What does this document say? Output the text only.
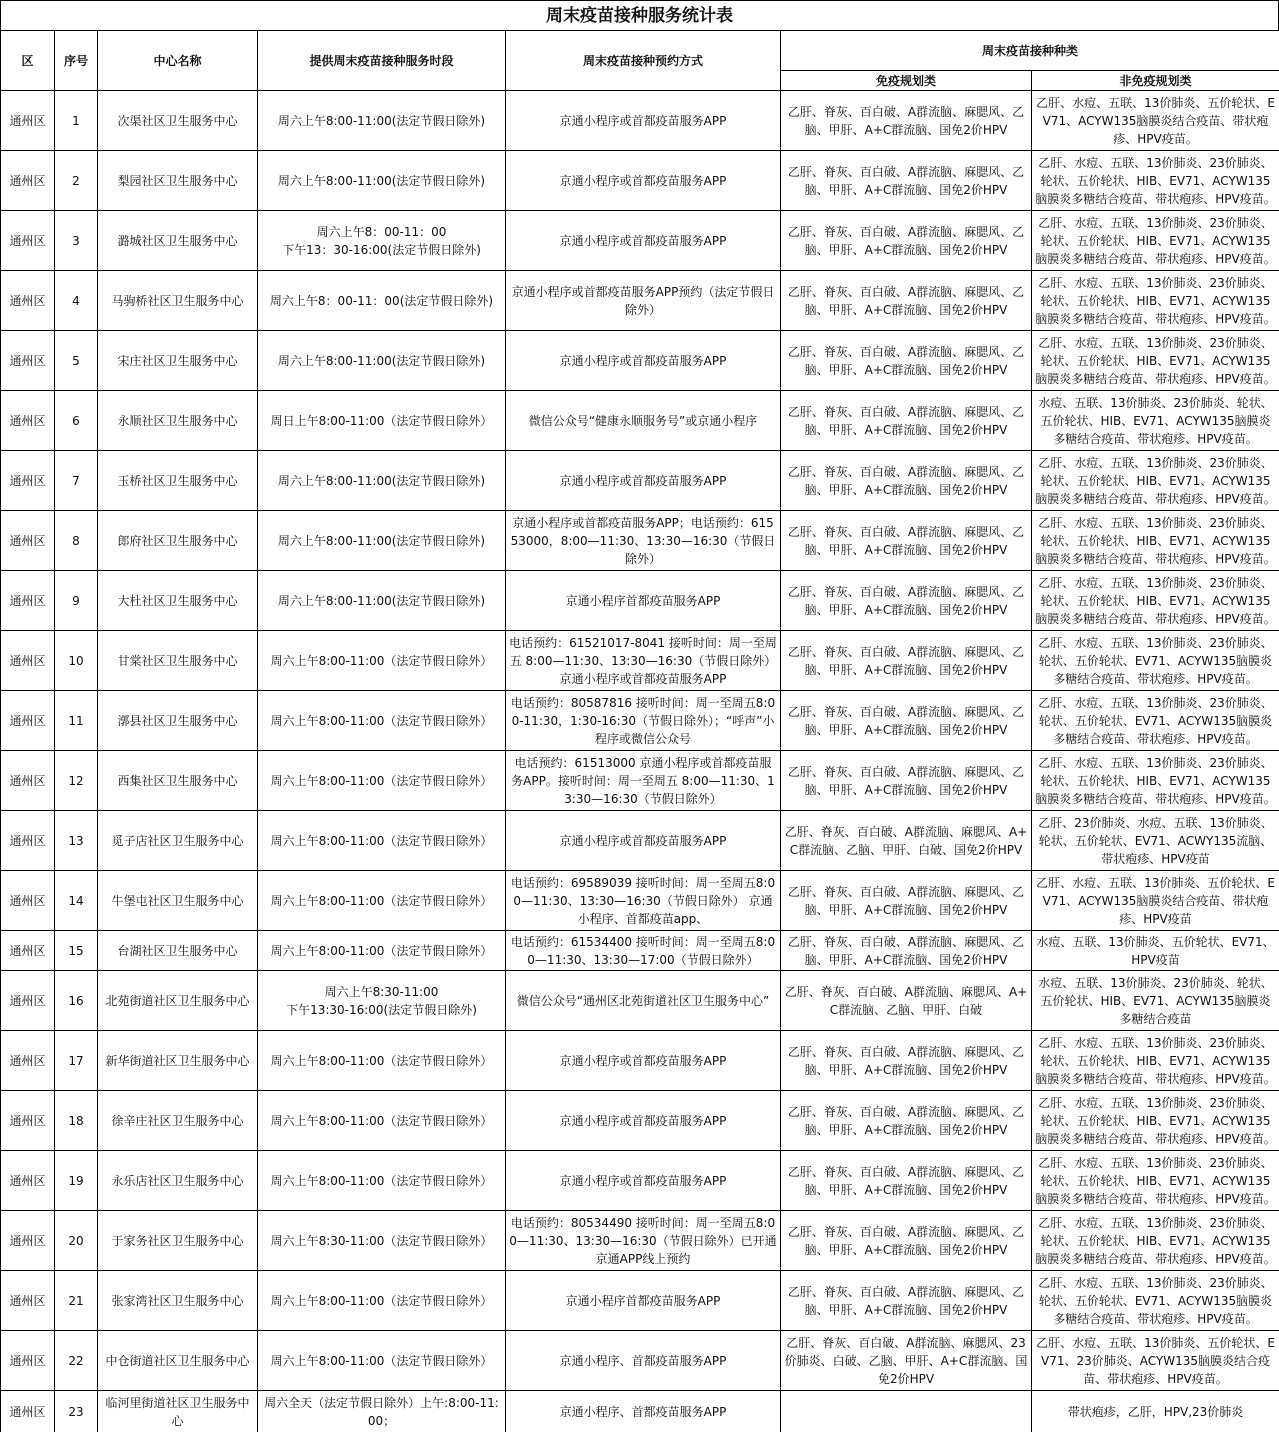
周末疫苗接种服务统计表
区	序号	中心名称	提供周末疫苗接种服务时段	周末疫苗接种预约方式	周末疫苗接种种类	
					免疫规划类	非免疫规划类
通州区	1	次渠社区卫生服务中心	周六上午8:00-11:00(法定节假日除外)	京通小程序或首都疫苗服务APP	乙肝、脊灰、百白破、A群流脑、麻腮风、乙脑、甲肝、A+C群流脑、国免2价HPV	乙肝、水痘、五联、13价肺炎、五价轮状、EV71、ACYW135脑膜炎结合疫苗、带状疱疹、HPV疫苗。
通州区	2	梨园社区卫生服务中心	周六上午8:00-11:00(法定节假日除外)	京通小程序或首都疫苗服务APP	乙肝、脊灰、百白破、A群流脑、麻腮风、乙脑、甲肝、A+C群流脑、国免2价HPV	乙肝、水痘、五联、13价肺炎、23价肺炎、轮状、五价轮状、HIB、EV71、ACYW135脑膜炎多糖结合疫苗、带状疱疹、HPV疫苗。
通州区	3	潞城社区卫生服务中心	周六上午8：00-11：00
下午13：30-16:00(法定节假日除外)	京通小程序或首都疫苗服务APP	乙肝、脊灰、百白破、A群流脑、麻腮风、乙脑、甲肝、A+C群流脑、国免2价HPV	乙肝、水痘、五联、13价肺炎、23价肺炎、轮状、五价轮状、HIB、EV71、ACYW135脑膜炎多糖结合疫苗、带状疱疹、HPV疫苗。
通州区	4	马驹桥社区卫生服务中心	周六上午8：00-11：00(法定节假日除外)	京通小程序或首都疫苗服务APP预约（法定节假日除外）	乙肝、脊灰、百白破、A群流脑、麻腮风、乙脑、甲肝、A+C群流脑、国免2价HPV	乙肝、水痘、五联、13价肺炎、23价肺炎、轮状、五价轮状、HIB、EV71、ACYW135脑膜炎多糖结合疫苗、带状疱疹、HPV疫苗。
通州区	5	宋庄社区卫生服务中心	周六上午8:00-11:00(法定节假日除外)	京通小程序或首都疫苗服务APP	乙肝、脊灰、百白破、A群流脑、麻腮风、乙脑、甲肝、A+C群流脑、国免2价HPV	乙肝、水痘、五联、13价肺炎、23价肺炎、轮状、五价轮状、HIB、EV71、ACYW135脑膜炎多糖结合疫苗、带状疱疹、HPV疫苗。
通州区	6	永顺社区卫生服务中心	周日上午8:00-11:00（法定节假日除外）	微信公众号“健康永顺服务号”或京通小程序	乙肝、脊灰、百白破、A群流脑、麻腮风、乙脑、甲肝、A+C群流脑、国免2价HPV	水痘、五联、13价肺炎、23价肺炎、轮状、五价轮状、HIB、EV71、ACYW135脑膜炎多糖结合疫苗、带状疱疹、HPV疫苗。
通州区	7	玉桥社区卫生服务中心	周六上午8:00-11:00(法定节假日除外)	京通小程序或首都疫苗服务APP	乙肝、脊灰、百白破、A群流脑、麻腮风、乙脑、甲肝、A+C群流脑、国免2价HPV	乙肝、水痘、五联、13价肺炎、23价肺炎、轮状、五价轮状、HIB、EV71、ACYW135脑膜炎多糖结合疫苗、带状疱疹、HPV疫苗。
通州区	8	郎府社区卫生服务中心	周六上午8:00-11:00(法定节假日除外)	京通小程序或首都疫苗服务APP；电话预约：61553000，8:00—11:30、13:30—16:30（节假日除外）	乙肝、脊灰、百白破、A群流脑、麻腮风、乙脑、甲肝、A+C群流脑、国免2价HPV	乙肝、水痘、五联、13价肺炎、23价肺炎、轮状、五价轮状、HIB、EV71、ACYW135脑膜炎多糖结合疫苗、带状疱疹、HPV疫苗。
通州区	9	大杜社区卫生服务中心	周六上午8:00-11:00(法定节假日除外)	京通小程序首都疫苗服务APP	乙肝、脊灰、百白破、A群流脑、麻腮风、乙脑、甲肝、A+C群流脑、国免2价HPV	乙肝、水痘、五联、13价肺炎、23价肺炎、轮状、五价轮状、HIB、EV71、ACYW135脑膜炎多糖结合疫苗、带状疱疹、HPV疫苗。
通州区	10	甘棠社区卫生服务中心	周六上午8:00-11:00（法定节假日除外）	电话预约：61521017-8041 接听时间：周一至周五 8:00—11:30、13:30—16:30（节假日除外）京通小程序或首都疫苗服务APP	乙肝、脊灰、百白破、A群流脑、麻腮风、乙脑、甲肝、A+C群流脑、国免2价HPV	乙肝、水痘、五联、13价肺炎、23价肺炎、轮状、五价轮状、EV71、ACYW135脑膜炎多糖结合疫苗、带状疱疹、HPV疫苗。
通州区	11	漷县社区卫生服务中心	周六上午8:00-11:00（法定节假日除外）	电话预约：80587816 接听时间：周一至周五8:00-11:30，1:30-16:30（节假日除外）；“呼声”小程序或微信公众号	乙肝、脊灰、百白破、A群流脑、麻腮风、乙脑、甲肝、A+C群流脑、国免2价HPV	乙肝、水痘、五联、13价肺炎、23价肺炎、轮状、五价轮状、EV71、ACYW135脑膜炎多糖结合疫苗、带状疱疹、HPV疫苗。
通州区	12	西集社区卫生服务中心	周六上午8:00-11:00（法定节假日除外）	电话预约：61513000 京通小程序或首都疫苗服务APP。接听时间：周一至周五 8:00—11:30、13:30—16:30（节假日除外）	乙肝、脊灰、百白破、A群流脑、麻腮风、乙脑、甲肝、A+C群流脑、国免2价HPV	乙肝、水痘、五联、13价肺炎、23价肺炎、轮状、五价轮状、HIB、EV71、ACYW135脑膜炎多糖结合疫苗、带状疱疹、HPV疫苗。
通州区	13	觅子店社区卫生服务中心	周六上午8:00-11:00（法定节假日除外）	京通小程序或首都疫苗服务APP	乙肝、脊灰、百白破、A群流脑、麻腮风、A+C群流脑、乙脑、甲肝、白破、国免2价HPV	乙肝、23价肺炎、水痘、五联、13价肺炎、轮状、五价轮状、EV71、ACWY135流脑、带状疱疹、HPV疫苗
通州区	14	牛堡屯社区卫生服务中心	周六上午8:00-11:00（法定节假日除外）	电话预约：69589039 接听时间：周一至周五8:00—11:30、13:30—16:30（节假日除外） 京通小程序、首都疫苗app、	乙肝、脊灰、百白破、A群流脑、麻腮风、乙脑、甲肝、A+C群流脑、国免2价HPV	乙肝、水痘、五联、13价肺炎、五价轮状、EV71、ACYW135脑膜炎结合疫苗、带状疱疹、HPV疫苗
通州区	15	台湖社区卫生服务中心	周六上午8:00-11:00（法定节假日除外）	电话预约：61534400 接听时间：周一至周五8:00—11:30、13:30—17:00（节假日除外）	乙肝、脊灰、百白破、A群流脑、麻腮风、乙脑、甲肝、A+C群流脑、国免2价HPV	水痘、五联、13价肺炎、五价轮状、EV71、HPV疫苗
通州区	16	北苑街道社区卫生服务中心	周六上午8:30-11:00
下午13:30-16:00(法定节假日除外)	微信公众号“通州区北苑街道社区卫生服务中心”	乙肝、脊灰、百白破、A群流脑、麻腮风、A+C群流脑、乙脑、甲肝、白破	水痘、五联、13价肺炎、23价肺炎、轮状、五价轮状、HIB、EV71、ACYW135脑膜炎多糖结合疫苗
通州区	17	新华街道社区卫生服务中心	周六上午8:00-11:00（法定节假日除外）	京通小程序或首都疫苗服务APP	乙肝、脊灰、百白破、A群流脑、麻腮风、乙脑、甲肝、A+C群流脑、国免2价HPV	乙肝、水痘、五联、13价肺炎、23价肺炎、轮状、五价轮状、HIB、EV71、ACYW135脑膜炎多糖结合疫苗、带状疱疹、HPV疫苗。
通州区	18	徐辛庄社区卫生服务中心	周六上午8:00-11:00（法定节假日除外）	京通小程序或首都疫苗服务APP	乙肝、脊灰、百白破、A群流脑、麻腮风、乙脑、甲肝、A+C群流脑、国免2价HPV	乙肝、水痘、五联、13价肺炎、23价肺炎、轮状、五价轮状、HIB、EV71、ACYW135脑膜炎多糖结合疫苗、带状疱疹、HPV疫苗。
通州区	19	永乐店社区卫生服务中心	周六上午8:00-11:00（法定节假日除外）	京通小程序或首都疫苗服务APP	乙肝、脊灰、百白破、A群流脑、麻腮风、乙脑、甲肝、A+C群流脑、国免2价HPV	乙肝、水痘、五联、13价肺炎、23价肺炎、轮状、五价轮状、HIB、EV71、ACYW135脑膜炎多糖结合疫苗、带状疱疹、HPV疫苗。
通州区	20	于家务社区卫生服务中心	周六上午8:30-11:00（法定节假日除外）	电话预约：80534490 接听时间：周一至周五8:00—11:30、13:30—16:30（节假日除外）已开通京通APP线上预约	乙肝、脊灰、百白破、A群流脑、麻腮风、乙脑、甲肝、A+C群流脑、国免2价HPV	乙肝、水痘、五联、13价肺炎、23价肺炎、轮状、五价轮状、HIB、EV71、ACYW135脑膜炎多糖结合疫苗、带状疱疹、HPV疫苗。
通州区	21	张家湾社区卫生服务中心	周六上午8:00-11:00（法定节假日除外）	京通小程序首都疫苗服务APP	乙肝、脊灰、百白破、A群流脑、麻腮风、乙脑、甲肝、A+C群流脑、国免2价HPV	乙肝、水痘、五联、13价肺炎、23价肺炎、轮状、五价轮状、EV71、ACYW135脑膜炎多糖结合疫苗、带状疱疹、HPV疫苗。
通州区	22	中仓街道社区卫生服务中心	周六上午8:00-11:00（法定节假日除外）	京通小程序、首都疫苗服务APP	乙肝、脊灰、百白破、A群流脑、麻腮风、23价肺炎、白破、乙脑、甲肝、A+C群流脑、国免2价HPV	乙肝、水痘、五联、13价肺炎、五价轮状、EV71、23价肺炎、ACYW135脑膜炎结合疫苗、带状疱疹、HPV疫苗。
通州区	23	临河里街道社区卫生服务中心	周六全天（法定节假日除外）上午:8:00-11:00；	京通小程序、首都疫苗服务APP		带状疱疹，乙肝，HPV,23价肺炎
